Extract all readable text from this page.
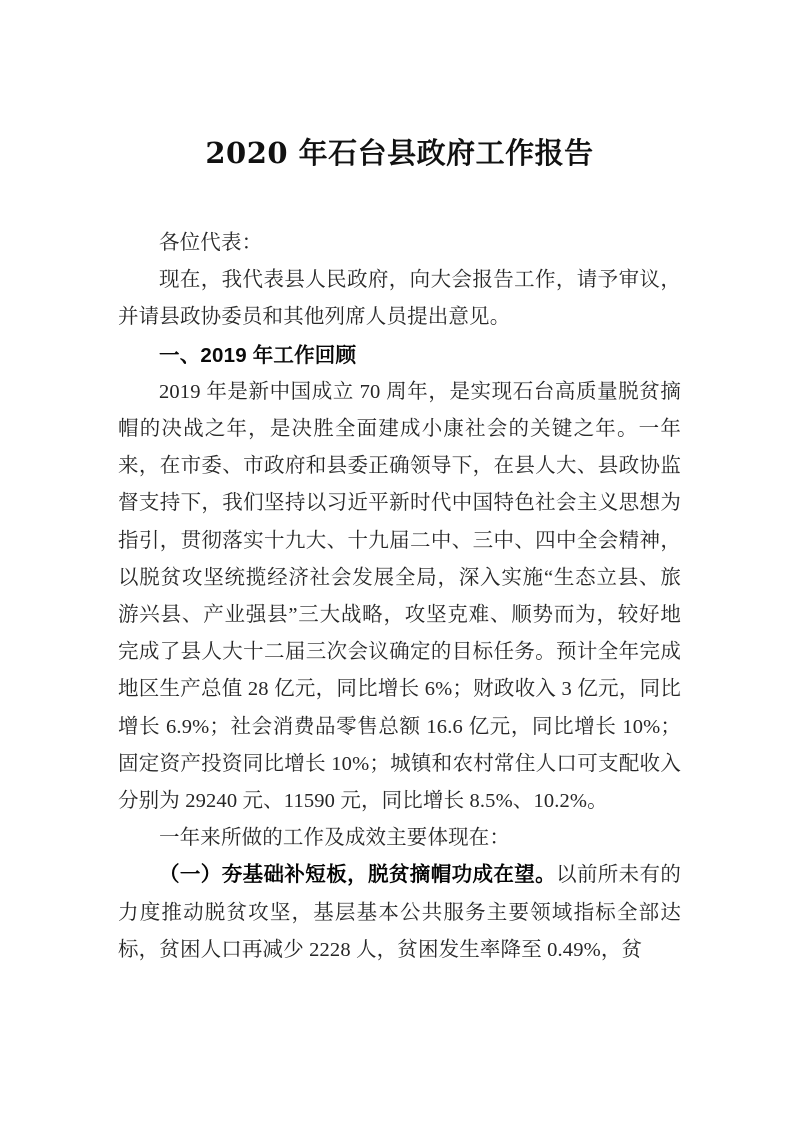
2020 年石台县政府工作报告

各位代表：

现在，我代表县人民政府，向大会报告工作，请予审议，并请县政协委员和其他列席人员提出意见。

一、2019 年工作回顾

2019 年是新中国成立 70 周年，是实现石台高质量脱贫摘帽的决战之年，是决胜全面建成小康社会的关键之年。一年来，在市委、市政府和县委正确领导下，在县人大、县政协监督支持下，我们坚持以习近平新时代中国特色社会主义思想为指引，贯彻落实十九大、十九届二中、三中、四中全会精神，以脱贫攻坚统揽经济社会发展全局，深入实施“生态立县、旅游兴县、产业强县”三大战略，攻坚克难、顺势而为，较好地完成了县人大十二届三次会议确定的目标任务。预计全年完成地区生产总值 28 亿元，同比增长 6%；财政收入 3 亿元，同比增长 6.9%；社会消费品零售总额 16.6 亿元，同比增长 10%；固定资产投资同比增长 10%；城镇和农村常住人口可支配收入分别为 29240 元、11590 元，同比增长 8.5%、10.2%。

一年来所做的工作及成效主要体现在：

（一）夯基础补短板，脱贫摘帽功成在望。以前所未有的力度推动脱贫攻坚，基层基本公共服务主要领域指标全部达标，贫困人口再减少 2228 人，贫困发生率降至 0.49%，贫
